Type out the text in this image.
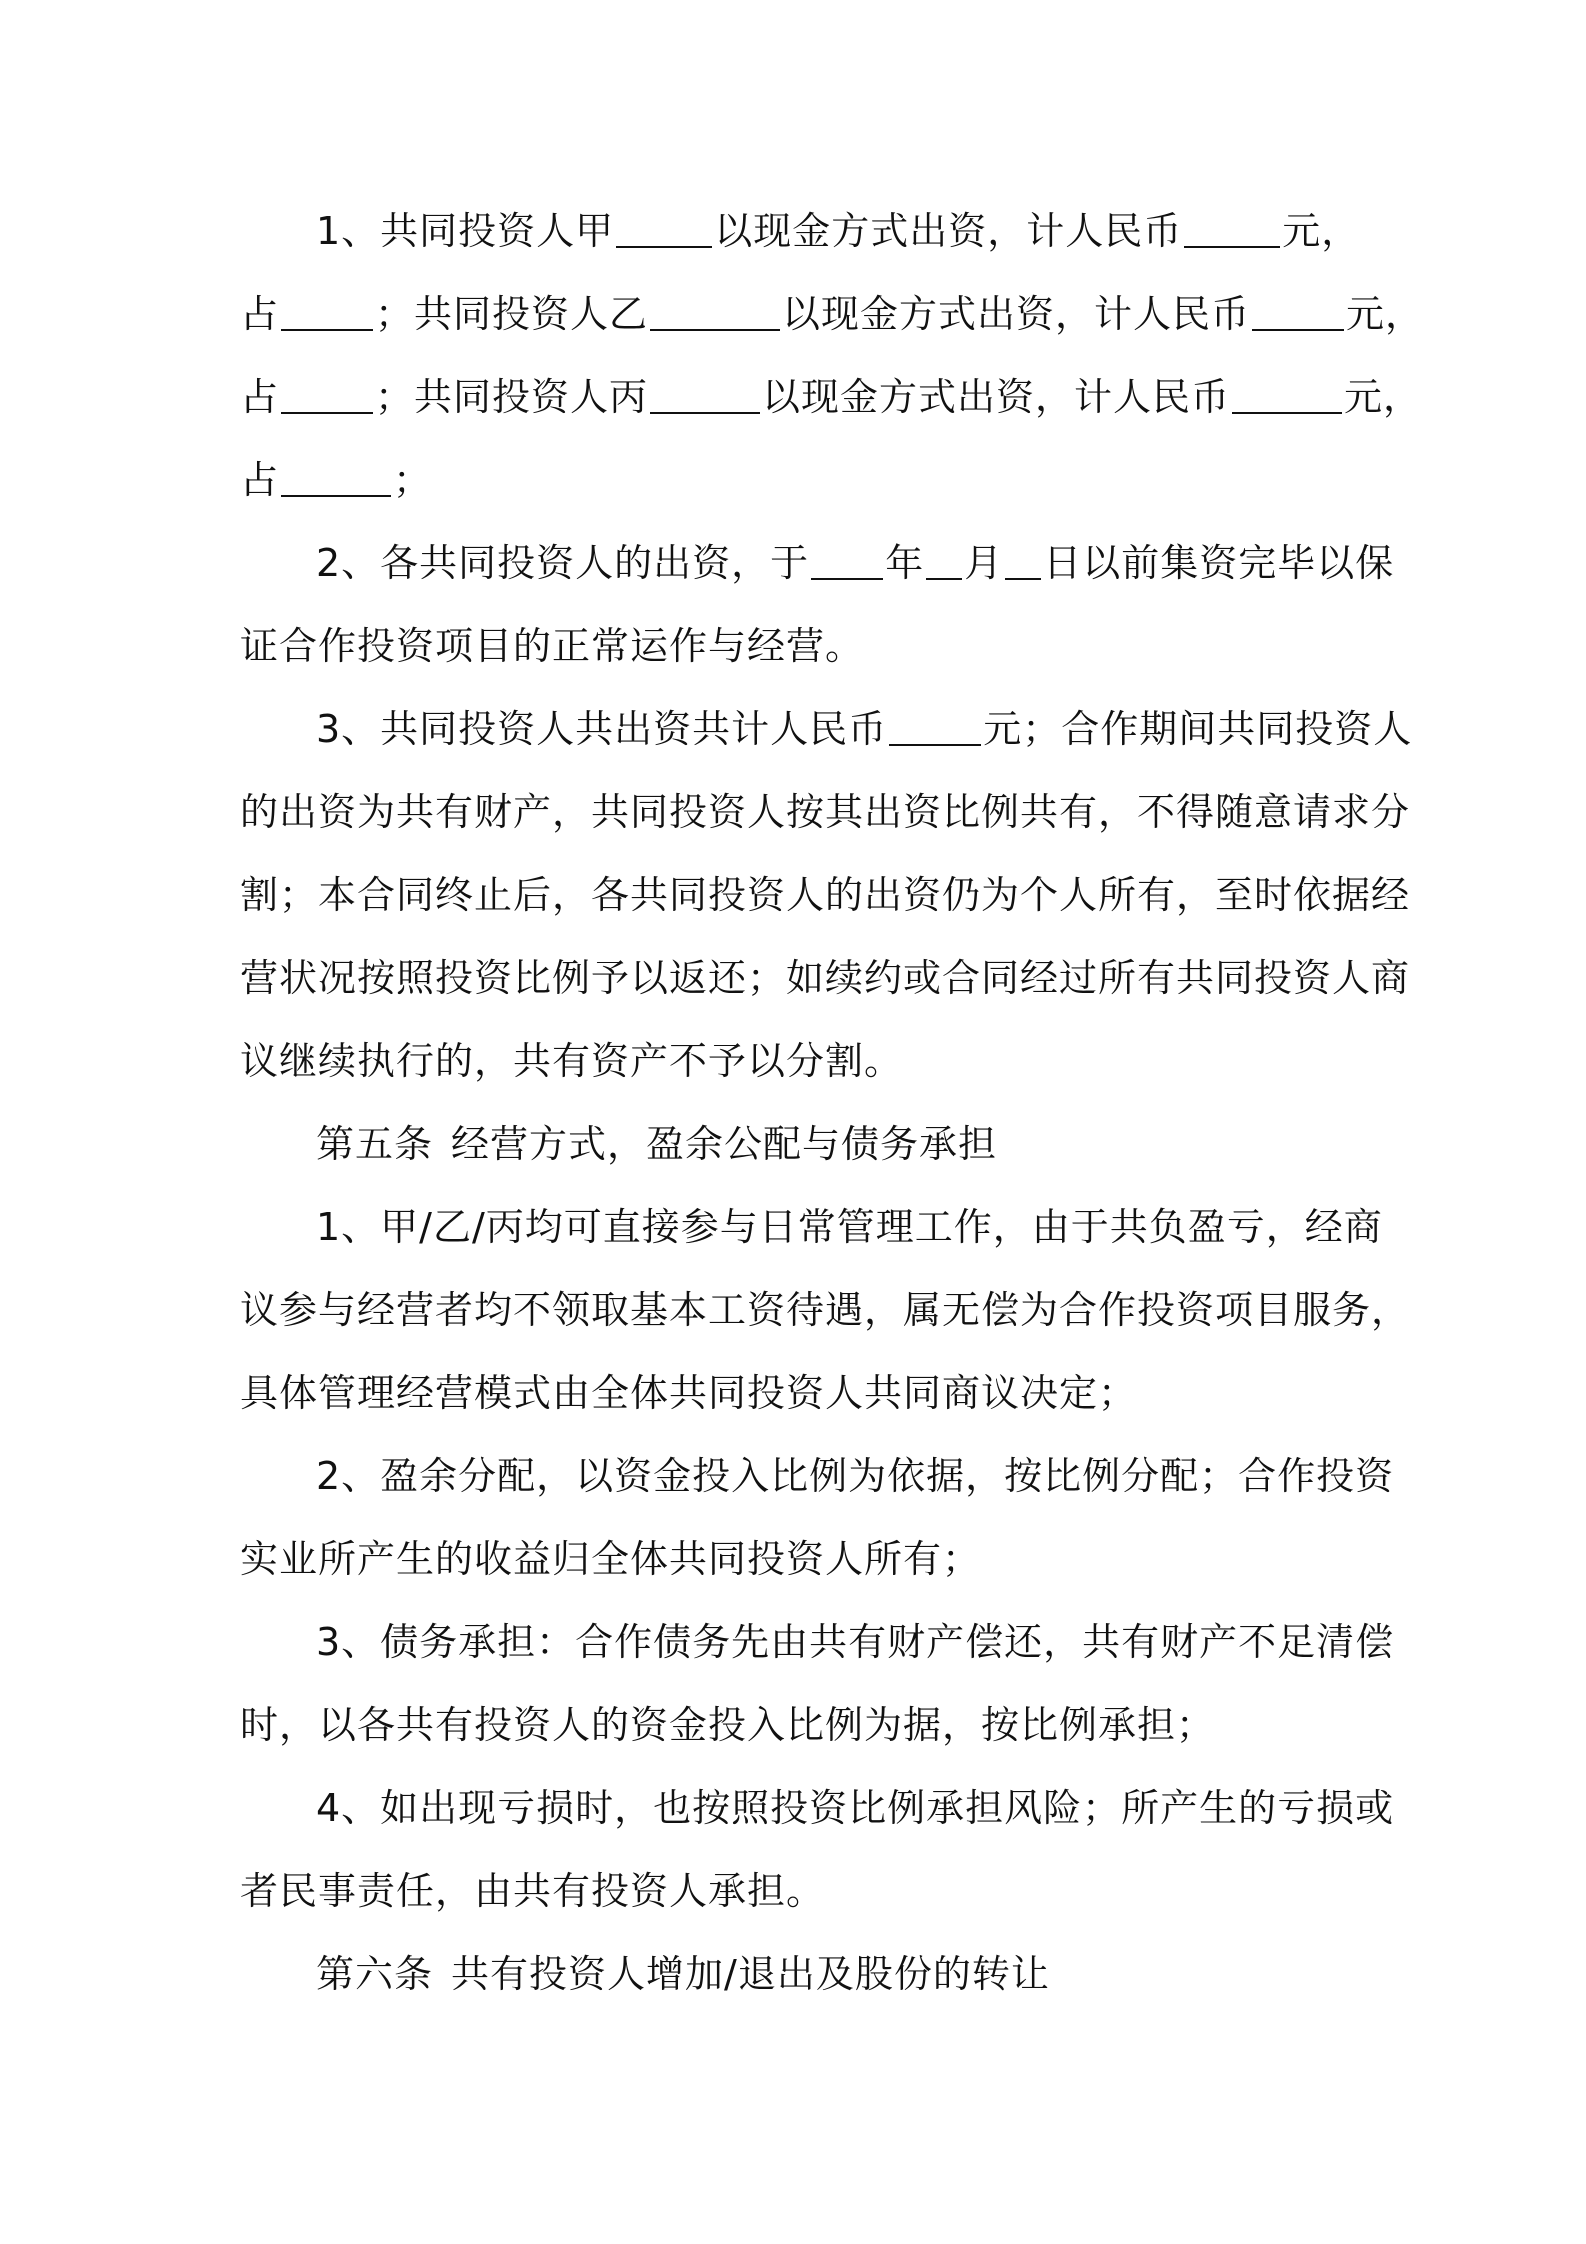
1、共同投资人甲	以现金方式出资，计人民币	元，
占	；共同投资人乙	以现金方式出资，计人民币	元，
占	；共同投资人丙	以现金方式出资，计人民币	元，
占	；
2、各共同投资人的出资，于 年 月 日以前集资完毕以保
证合作投资项目的正常运作与经营。
3、共同投资人共出资共计人民币	元；合作期间共同投资人
的出资为共有财产，共同投资人按其出资比例共有，不得随意请求分
割；本合同终止后，各共同投资人的出资仍为个人所有，至时依据经
营状况按照投资比例予以返还；如续约或合同经过所有共同投资人商
议继续执行的，共有资产不予以分割。
第五条 经营方式，盈余公配与债务承担
1、甲/乙/丙均可直接参与日常管理工作，由于共负盈亏，经商
议参与经营者均不领取基本工资待遇，属无偿为合作投资项目服务，
具体管理经营模式由全体共同投资人共同商议决定；
2、盈余分配，以资金投入比例为依据，按比例分配；合作投资
实业所产生的收益归全体共同投资人所有；
3、债务承担：合作债务先由共有财产偿还，共有财产不足清偿
时，以各共有投资人的资金投入比例为据，按比例承担；
4、如出现亏损时，也按照投资比例承担风险；所产生的亏损或
者民事责任，由共有投资人承担。
第六条 共有投资人增加/退出及股份的转让
